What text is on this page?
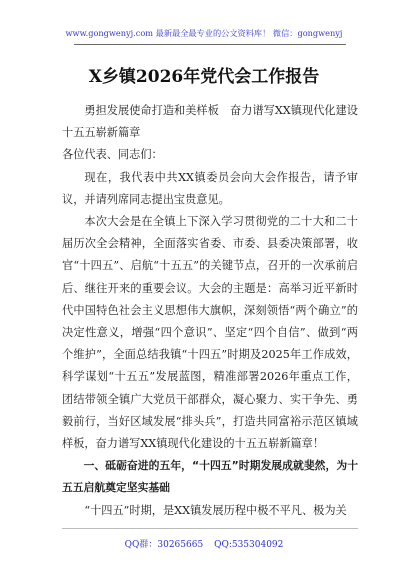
www.gongwenyj.com 最新最全最专业的公文资料库！ 微信：gongwenyj
X乡镇2026年党代会工作报告

勇担发展使命打造和美样板　奋力谱写XX镇现代化建设十五五崭新篇章

各位代表、同志们：

现在，我代表中共XX镇委员会向大会作报告，请予审议，并请列席同志提出宝贵意见。

本次大会是在全镇上下深入学习贯彻党的二十大和二十届历次全会精神，全面落实省委、市委、县委决策部署，收官“十四五”、启航“十五五”的关键节点，召开的一次承前启后、继往开来的重要会议。大会的主题是：高举习近平新时代中国特色社会主义思想伟大旗帜，深刻领悟“两个确立”的决定性意义，增强“四个意识”、坚定“四个自信”、做到“两个维护”，全面总结我镇“十四五”时期及2025年工作成效，科学谋划“十五五”发展蓝图，精准部署2026年重点工作，团结带领全镇广大党员干部群众，凝心聚力、实干争先、勇毅前行，当好区域发展“排头兵”，打造共同富裕示范区镇域样板，奋力谱写XX镇现代化建设的十五五崭新篇章！

一、砥砺奋进的五年，“十四五”时期发展成就斐然，为十五五启航奠定坚实基础

“十四五”时期，是XX镇发展历程中极不平凡、极为关

QQ群：30265665 QQ:535304092
